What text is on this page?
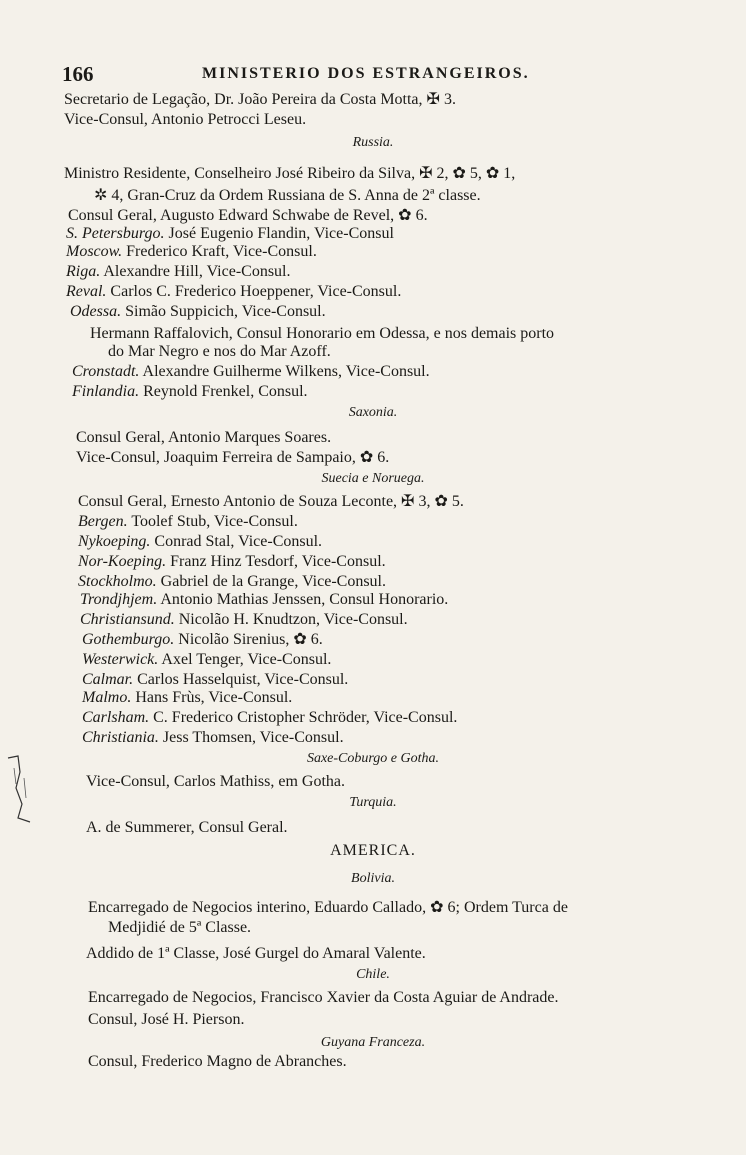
166	MINISTERIO DOS ESTRANGEIROS.
Secretario de Legação, Dr. João Pereira da Costa Motta, ✠ 3.
Vice-Consul, Antonio Petrocci Leseu.
Russia.
Ministro Residente, Conselheiro José Ribeiro da Silva, ✠ 2, ✿ 5, ✿ 1,
✲ 4, Gran-Cruz da Ordem Russiana de S. Anna de 2ª classe.
Consul Geral, Augusto Edward Schwabe de Revel, ✿ 6.
S. Petersburgo. José Eugenio Flandin, Vice-Consul
Moscow. Frederico Kraft, Vice-Consul.
Riga. Alexandre Hill, Vice-Consul.
Reval. Carlos C. Frederico Hoeppener, Vice-Consul.
Odessa. Simão Suppicich, Vice-Consul.
Hermann Raffalovich, Consul Honorario em Odessa, e nos demais porto
do Mar Negro e nos do Mar Azoff.
Cronstadt. Alexandre Guilherme Wilkens, Vice-Consul.
Finlandia. Reynold Frenkel, Consul.
Saxonia.
Consul Geral, Antonio Marques Soares.
Vice-Consul, Joaquim Ferreira de Sampaio, ✿ 6.
Suecia e Noruega.
Consul Geral, Ernesto Antonio de Souza Leconte, ✠ 3, ✿ 5.
Bergen. Toolef Stub, Vice-Consul.
Nykoeping. Conrad Stal, Vice-Consul.
Nor-Koeping. Franz Hinz Tesdorf, Vice-Consul.
Stockholmo. Gabriel de la Grange, Vice-Consul.
Trondjhjem. Antonio Mathias Jenssen, Consul Honorario.
Christiansund. Nicolão H. Knudtzon, Vice-Consul.
Gothemburgo. Nicolão Sirenius, ✿ 6.
Westerwick. Axel Tenger, Vice-Consul.
Calmar. Carlos Hasselquist, Vice-Consul.
Malmo. Hans Frùs, Vice-Consul.
Carlsham. C. Frederico Cristopher Schröder, Vice-Consul.
Christiania. Jess Thomsen, Vice-Consul.
Saxe-Coburgo e Gotha.
Vice-Consul, Carlos Mathiss, em Gotha.
Turquia.
A. de Summerer, Consul Geral.
AMERICA.
Bolivia.
Encarregado de Negocios interino, Eduardo Callado, ✿ 6; Ordem Turca de
Medjidié de 5ª Classe.
Addido de 1ª Classe, José Gurgel do Amaral Valente.
Chile.
Encarregado de Negocios, Francisco Xavier da Costa Aguiar de Andrade.
Consul, José H. Pierson.
Guyana Franceza.
Consul, Frederico Magno de Abranches.
